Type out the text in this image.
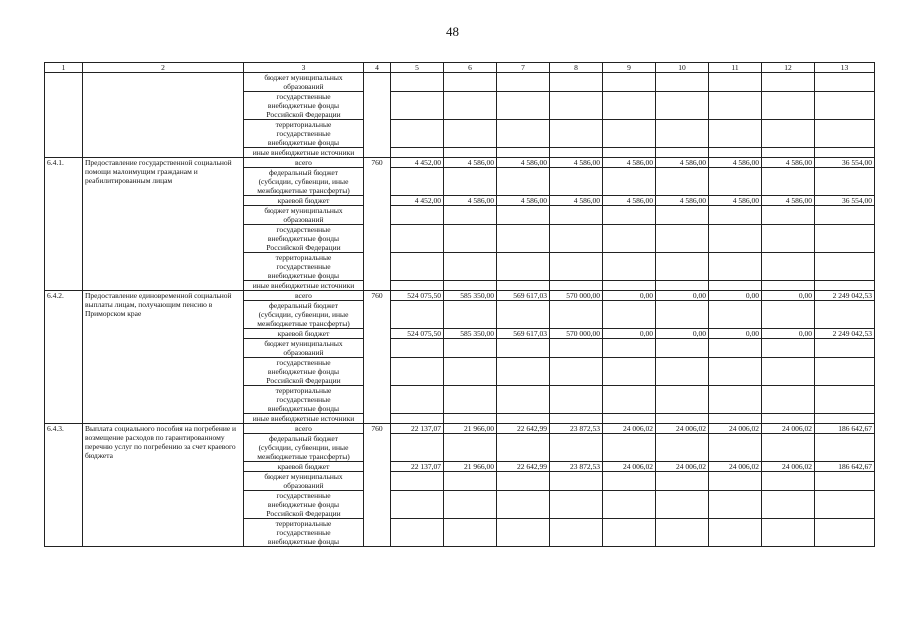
48
1	2	3	4	5	6	7	8	9	10	11	12	13
		бюджет муниципальных
образований										
		государственные
внебюджетные фонды
Российской Федерации										
		территориальные
государственные
внебюджетные фонды										
		иные внебюджетные источники										
6.4.1.	Предоставление государственной социальной помощи малоимущим гражданам и реабилитированным лицам	всего	760	4 452,00	4 586,00	4 586,00	4 586,00	4 586,00	4 586,00	4 586,00	4 586,00	36 554,00
		федеральный бюджет
(субсидии, субвенции, иные
межбюджетные трансферты)										
		краевой бюджет		4 452,00	4 586,00	4 586,00	4 586,00	4 586,00	4 586,00	4 586,00	4 586,00	36 554,00
		бюджет муниципальных
образований										
		государственные
внебюджетные фонды
Российской Федерации										
		территориальные
государственные
внебюджетные фонды										
		иные внебюджетные источники										
6.4.2.	Предоставление единовременной социальной выплаты лицам, получающим пенсию в Приморском крае	всего	760	524 075,50	585 350,00	569 617,03	570 000,00	0,00	0,00	0,00	0,00	2 249 042,53
		федеральный бюджет
(субсидии, субвенции, иные
межбюджетные трансферты)										
		краевой бюджет		524 075,50	585 350,00	569 617,03	570 000,00	0,00	0,00	0,00	0,00	2 249 042,53
		бюджет муниципальных
образований										
		государственные
внебюджетные фонды
Российской Федерации										
		территориальные
государственные
внебюджетные фонды										
		иные внебюджетные источники										
6.4.3.	Выплата социального пособия на погребение и возмещение расходов по гарантированному перечню услуг по погребению за счет краевого бюджета	всего	760	22 137,07	21 966,00	22 642,99	23 872,53	24 006,02	24 006,02	24 006,02	24 006,02	186 642,67
		федеральный бюджет
(субсидии, субвенции, иные
межбюджетные трансферты)										
		краевой бюджет		22 137,07	21 966,00	22 642,99	23 872,53	24 006,02	24 006,02	24 006,02	24 006,02	186 642,67
		бюджет муниципальных
образований										
		государственные
внебюджетные фонды
Российской Федерации										
		территориальные
государственные
внебюджетные фонды										
